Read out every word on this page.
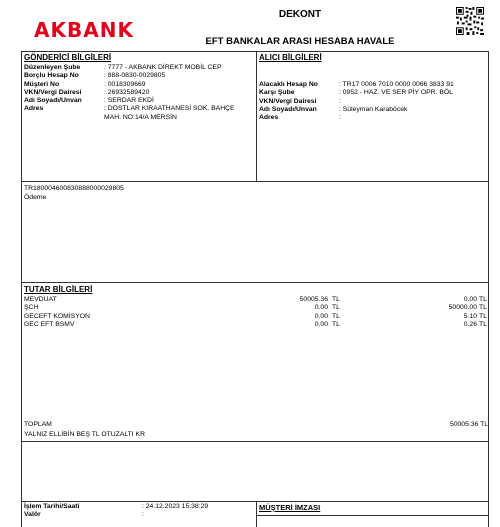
AKBANK
DEKONT
EFT BANKALAR ARASI HESABA HAVALE
GÖNDERİCİ BİLGİLERİ
Düzenleyen Şube	: 7777 - AKBANK DİREKT MOBİL CEP
Borçlu Hesap No	: 888-0830-0029805
Müşteri No	: 0018309669
VKN/Vergi Dairesi	: 26932589420
Adı Soyadı/Unvan	: SERDAR EKDİ
Adres	: DOSTLAR KIRAATHANESİ SOK. BAHÇE
MAH. NO:14/A MERSİN
ALICI BİLGİLERİ
Alacaklı Hesap No	: TR17 0006 7010 0000 0066 3833 91
Karşı Şube	: 0952 - HAZ. VE SER PİY OPR. BÖL
VKN/Vergi Dairesi	:
Adı Soyadı/Unvan	: Süleyman Karaböcek
Adres	:
TR180004600830888000029805
Ödeme
TUTAR BİLGİLERİ
MEVDUAT	50005.36 TL	0.00 TL
ŞCH	0.00 TL	50000.00 TL
GECEFT KOMİSYON	0.00 TL	5.10 TL
GEC EFT BSMV	0.00 TL	0.26 TL
TOPLAM	50005.36 TL
YALNIZ ELLİBİN BEŞ TL OTUZALTI KR
İşlem Tarihi/Saati	: 24.12.2023 15:38:29
Valör	:
MÜŞTERİ İMZASI
